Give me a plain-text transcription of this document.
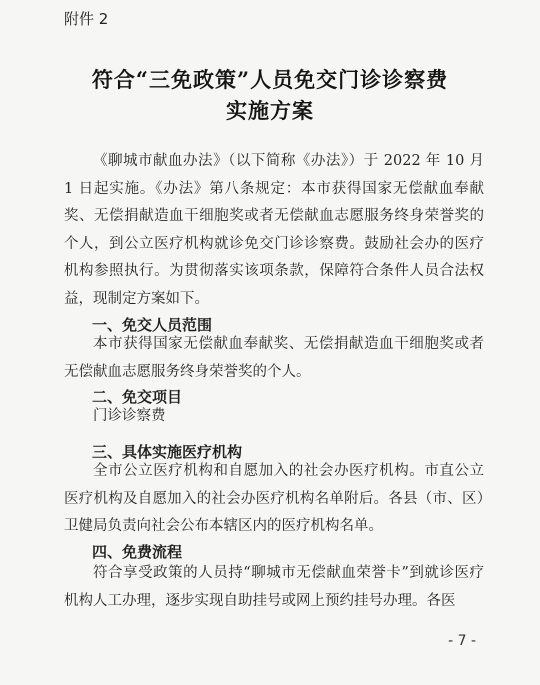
附件 2
符合“三免政策”人员免交门诊诊察费
实施方案
《聊城市献血办法》（以下简称《办法》）于 2022 年 10 月 1 日起实施。《办法》第八条规定：本市获得国家无偿献血奉献奖、无偿捐献造血干细胞奖或者无偿献血志愿服务终身荣誉奖的个人，到公立医疗机构就诊免交门诊诊察费。鼓励社会办的医疗机构参照执行。为贯彻落实该项条款，保障符合条件人员合法权益，现制定方案如下。
一、免交人员范围
本市获得国家无偿献血奉献奖、无偿捐献造血干细胞奖或者无偿献血志愿服务终身荣誉奖的个人。
二、免交项目
门诊诊察费
三、具体实施医疗机构
全市公立医疗机构和自愿加入的社会办医疗机构。市直公立医疗机构及自愿加入的社会办医疗机构名单附后。各县（市、区）卫健局负责向社会公布本辖区内的医疗机构名单。
四、免费流程
符合享受政策的人员持“聊城市无偿献血荣誉卡”到就诊医疗机构人工办理，逐步实现自助挂号或网上预约挂号办理。各医
- 7 -
